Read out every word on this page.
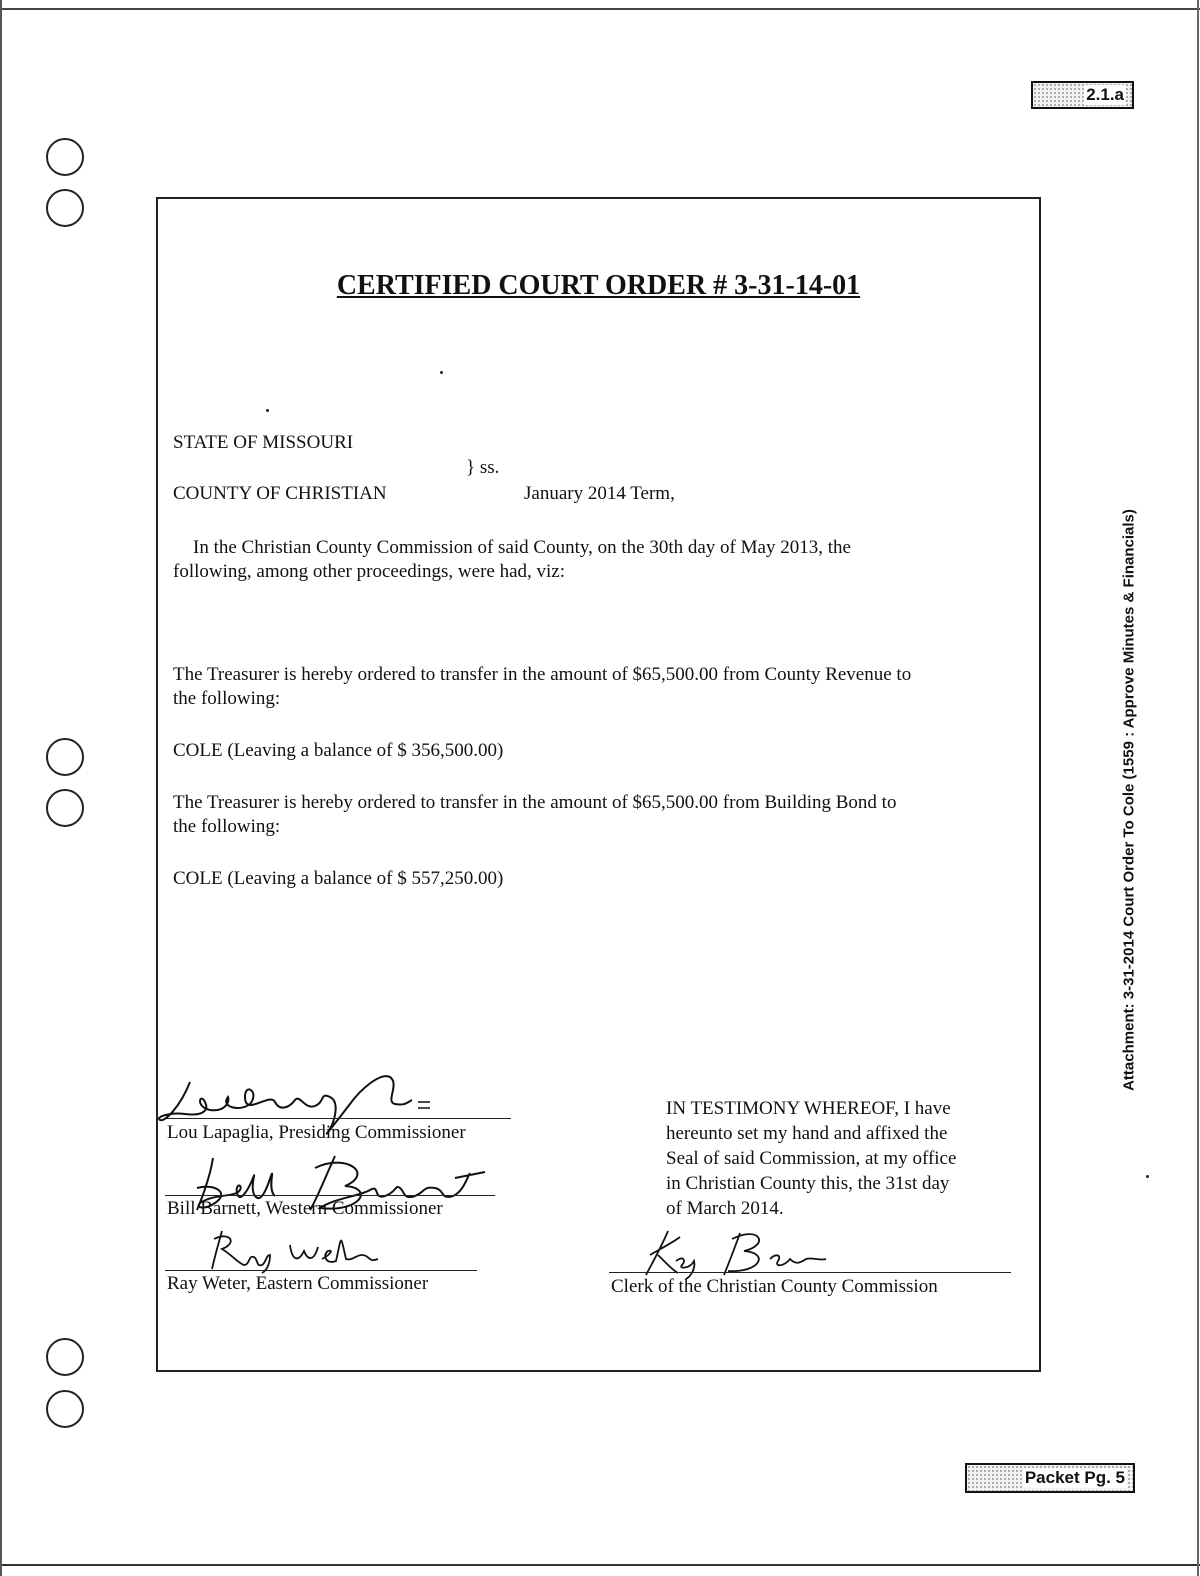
2.1.a
Packet Pg. 5
Attachment: 3-31-2014 Court Order To Cole (1559 : Approve Minutes & Financials)
CERTIFIED COURT ORDER # 3-31-14-01
STATE OF MISSOURI
} ss.
COUNTY OF CHRISTIAN	January 2014 Term,
In the Christian County Commission of said County, on the 30th day of May 2013, the
following, among other proceedings, were had, viz:
The Treasurer is hereby ordered to transfer in the amount of $65,500.00 from County Revenue to
the following:
COLE (Leaving a balance of $ 356,500.00)
The Treasurer is hereby ordered to transfer in the amount of $65,500.00 from Building Bond to
the following:
COLE (Leaving a balance of $ 557,250.00)
Lou Lapaglia, Presiding Commissioner
Bill Barnett, Western Commissioner
Ray Weter, Eastern Commissioner
IN TESTIMONY WHEREOF, I have
hereunto set my hand and affixed the
Seal of said Commission, at my office
in Christian County this, the 31st day
of March 2014.
Clerk of the Christian County Commission
